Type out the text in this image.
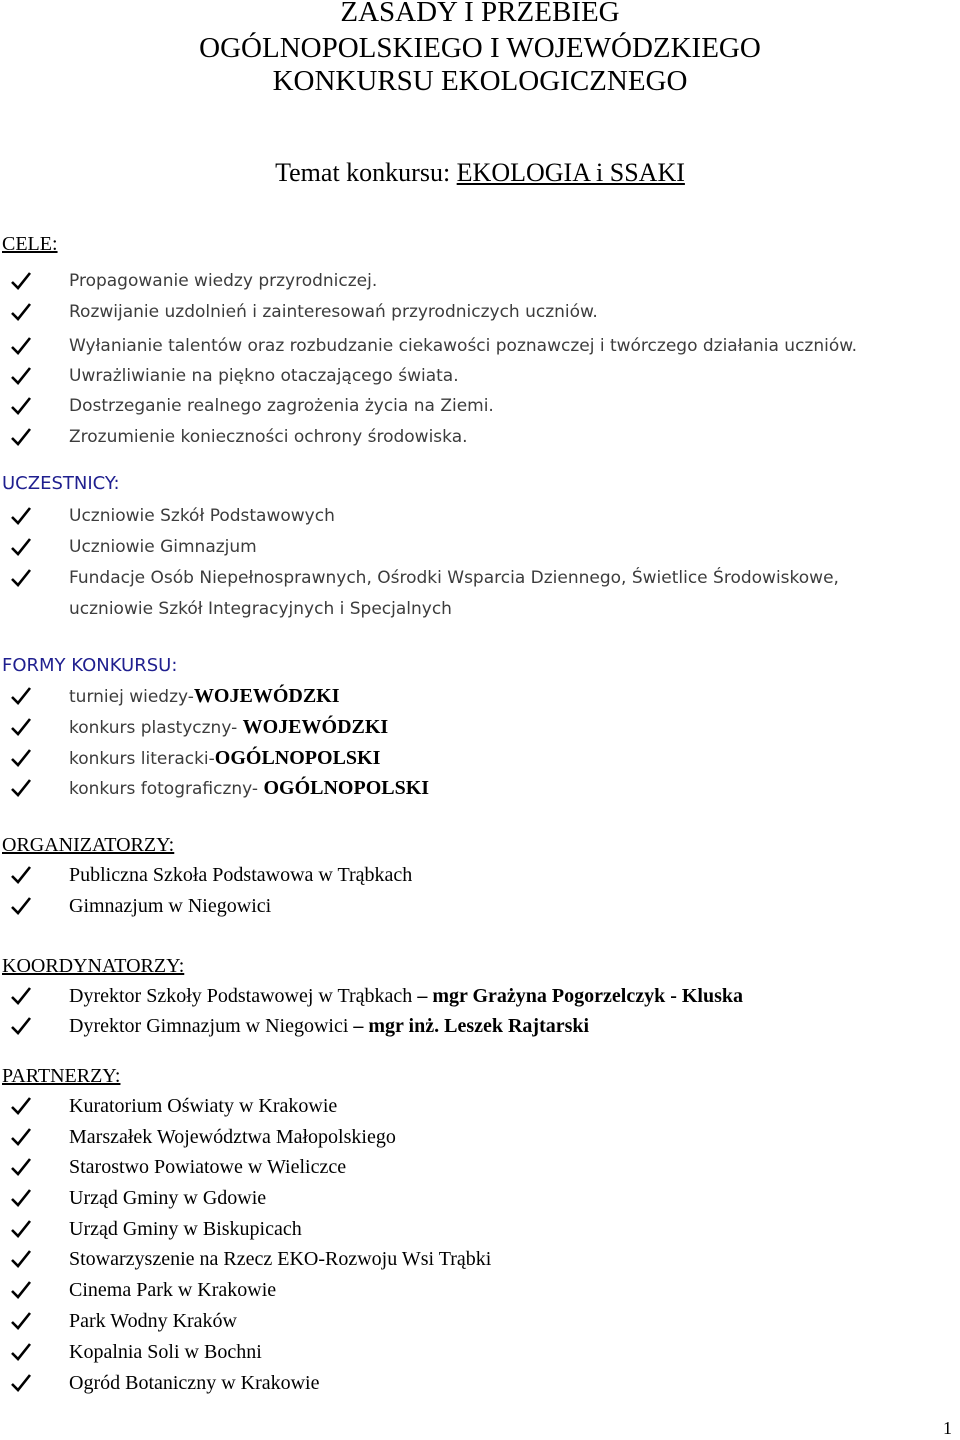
ZASADY I PRZEBIEG
OGÓLNOPOLSKIEGO I WOJEWÓDZKIEGO
KONKURSU EKOLOGICZNEGO
Temat konkursu: EKOLOGIA i SSAKI
CELE:
Propagowanie wiedzy przyrodniczej.
Rozwijanie uzdolnień i zainteresowań przyrodniczych uczniów.
Wyłanianie talentów oraz rozbudzanie ciekawości poznawczej i twórczego działania uczniów.
Uwrażliwianie na piękno otaczającego świata.
Dostrzeganie realnego zagrożenia życia na Ziemi.
Zrozumienie konieczności ochrony środowiska.
UCZESTNICY:
Uczniowie Szkół Podstawowych
Uczniowie Gimnazjum
Fundacje Osób Niepełnosprawnych, Ośrodki Wsparcia Dziennego, Świetlice Środowiskowe,
uczniowie Szkół Integracyjnych i Specjalnych
FORMY KONKURSU:
turniej wiedzy-WOJEWÓDZKI
konkurs plastyczny- WOJEWÓDZKI
konkurs literacki-OGÓLNOPOLSKI
konkurs fotograficzny- OGÓLNOPOLSKI
ORGANIZATORZY:
Publiczna Szkoła Podstawowa w Trąbkach
Gimnazjum w Niegowici
KOORDYNATORZY:
Dyrektor Szkoły Podstawowej w Trąbkach – mgr Grażyna Pogorzelczyk - Kluska
Dyrektor Gimnazjum w Niegowici – mgr inż. Leszek Rajtarski
PARTNERZY:
Kuratorium Oświaty w Krakowie
Marszałek Województwa Małopolskiego
Starostwo Powiatowe w Wieliczce
Urząd Gminy w Gdowie
Urząd Gminy w Biskupicach
Stowarzyszenie na Rzecz EKO-Rozwoju Wsi Trąbki
Cinema Park w Krakowie
Park Wodny Kraków
Kopalnia Soli w Bochni
Ogród Botaniczny w Krakowie
1
